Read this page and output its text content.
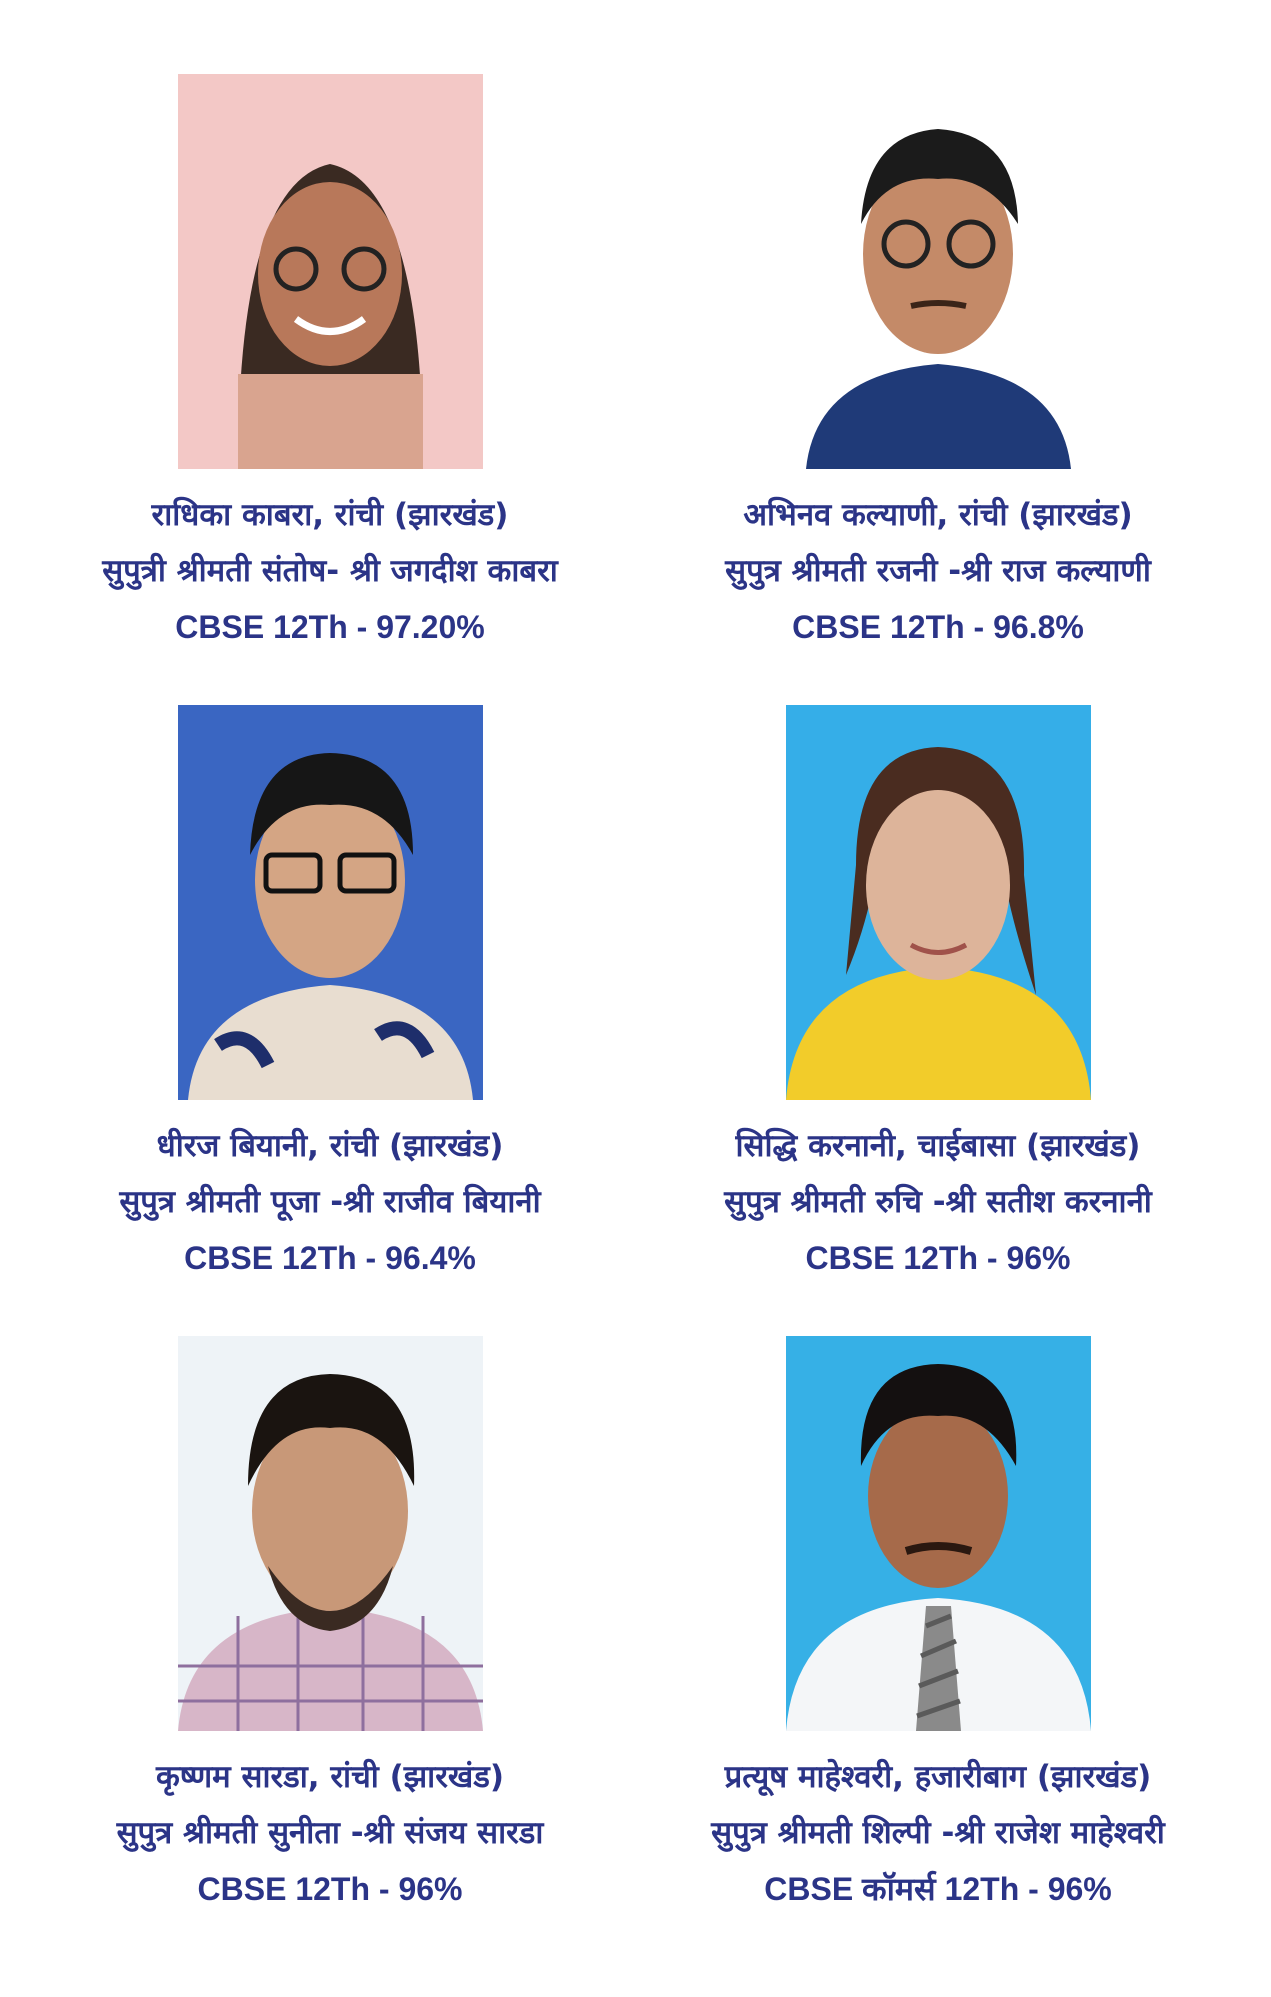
राधिका काबरा, रांची (झारखंड)
सुपुत्री श्रीमती संतोष- श्री जगदीश काबरा
CBSE 12Th - 97.20%
अभिनव कल्याणी, रांची (झारखंड)
सुपुत्र श्रीमती रजनी -श्री राज कल्याणी
CBSE 12Th - 96.8%
धीरज बियानी, रांची (झारखंड)
सुपुत्र श्रीमती पूजा -श्री राजीव बियानी
CBSE 12Th - 96.4%
सिद्धि करनानी, चाईबासा (झारखंड)
सुपुत्र श्रीमती रुचि -श्री सतीश करनानी
CBSE 12Th - 96%
कृष्णम सारडा, रांची (झारखंड)
सुपुत्र श्रीमती सुनीता -श्री संजय सारडा
CBSE 12Th - 96%
प्रत्यूष माहेश्वरी, हजारीबाग (झारखंड)
सुपुत्र श्रीमती शिल्पी -श्री राजेश माहेश्वरी
CBSE कॉमर्स 12Th - 96%
